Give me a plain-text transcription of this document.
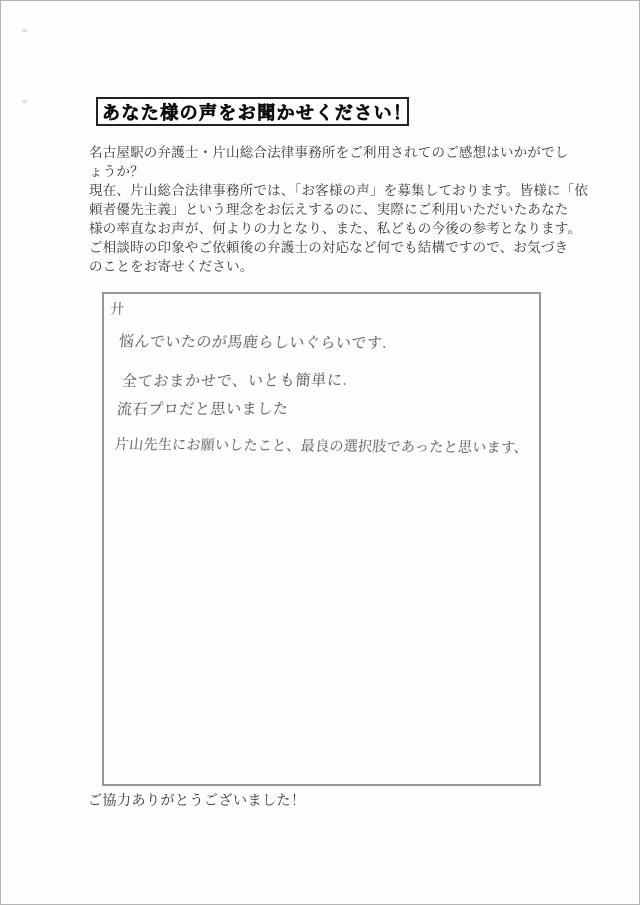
あなた様の声をお聞かせください！
名古屋駅の弁護士・片山総合法律事務所をご利用されてのご感想はいかがでし
ょうか？
現在、片山総合法律事務所では、「お客様の声」を募集しております。皆様に「依
頼者優先主義」という理念をお伝えするのに、実際にご利用いただいたあなた
様の率直なお声が、何よりの力となり、また、私どもの今後の参考となります。
ご相談時の印象やご依頼後の弁護士の対応など何でも結構ですので、お気づき
のことをお寄せください。
廾
悩んでいたのが馬鹿らしいぐらいです.
全ておまかせで、いとも簡単に.
流石プロだと思いました
片山先生にお願いしたこと、最良の選択肢であったと思います、
ご協力ありがとうございました！
